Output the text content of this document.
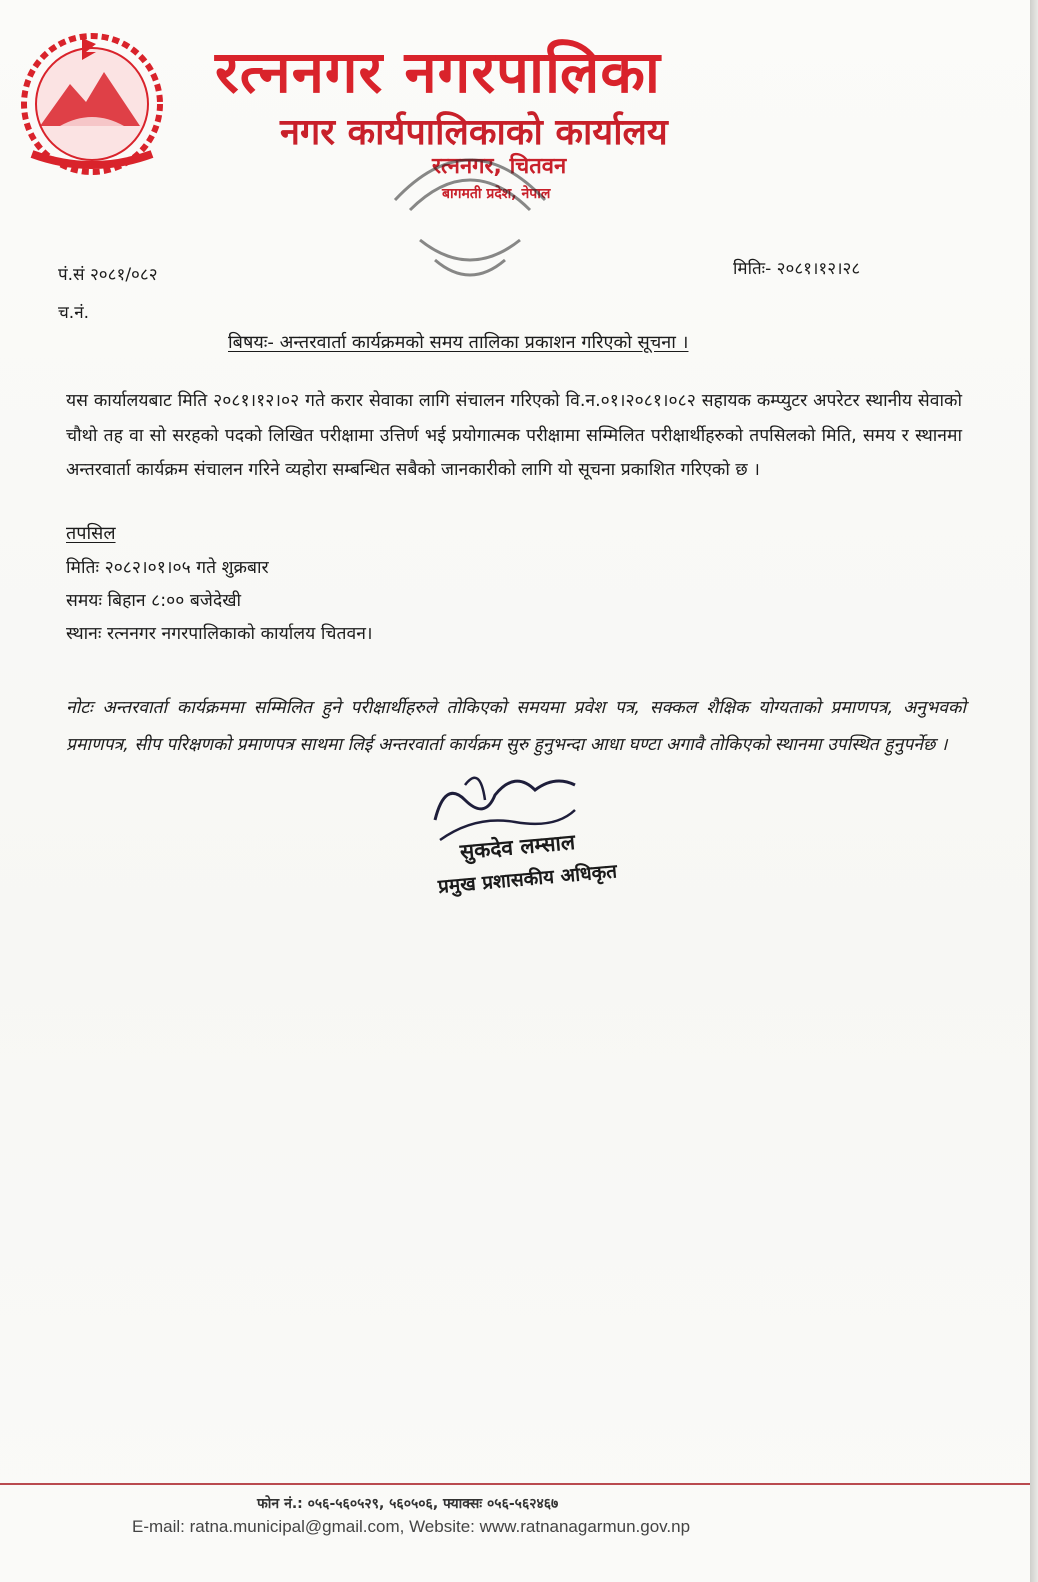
रत्ननगर नगरपालिका
नगर कार्यपालिकाको कार्यालय
रत्ननगर, चितवन
बागमती प्रदेश, नेपाल
पं.सं २०८१/०८२
च.नं.
मितिः- २०८१।१२।२८
बिषयः- अन्तरवार्ता कार्यक्रमको समय तालिका प्रकाशन गरिएको सूचना ।
यस कार्यालयबाट मिति २०८१।१२।०२ गते करार सेवाका लागि संचालन गरिएको वि.न.०१।२०८१।०८२ सहायक कम्प्युटर अपरेटर स्थानीय सेवाको चौथो तह वा सो सरहको पदको लिखित परीक्षामा उत्तिर्ण भई प्रयोगात्मक परीक्षामा सम्मिलित परीक्षार्थीहरुको तपसिलको मिति, समय र स्थानमा अन्तरवार्ता कार्यक्रम संचालन गरिने व्यहोरा सम्बन्धित सबैको जानकारीको लागि यो सूचना प्रकाशित गरिएको छ ।
तपसिल
मितिः २०८२।०१।०५ गते शुक्रबार
समयः बिहान ८:०० बजेदेखी
स्थानः रत्ननगर नगरपालिकाको कार्यालय चितवन।
नोटः अन्तरवार्ता कार्यक्रममा सम्मिलित हुने परीक्षार्थीहरुले तोकिएको समयमा प्रवेश पत्र, सक्कल शैक्षिक योग्यताको प्रमाणपत्र, अनुभवको प्रमाणपत्र, सीप परिक्षणको प्रमाणपत्र साथमा लिई अन्तरवार्ता कार्यक्रम सुरु हुनुभन्दा आधा घण्टा अगावै तोकिएको स्थानमा उपस्थित हुनुपर्नेछ ।
सुकदेव लम्साल
प्रमुख प्रशासकीय अधिकृत
फोन नं.: ०५६-५६०५२९, ५६०५०६, फ्याक्सः ०५६-५६२४६७
E-mail: ratna.municipal@gmail.com, Website: www.ratnanagarmun.gov.np
